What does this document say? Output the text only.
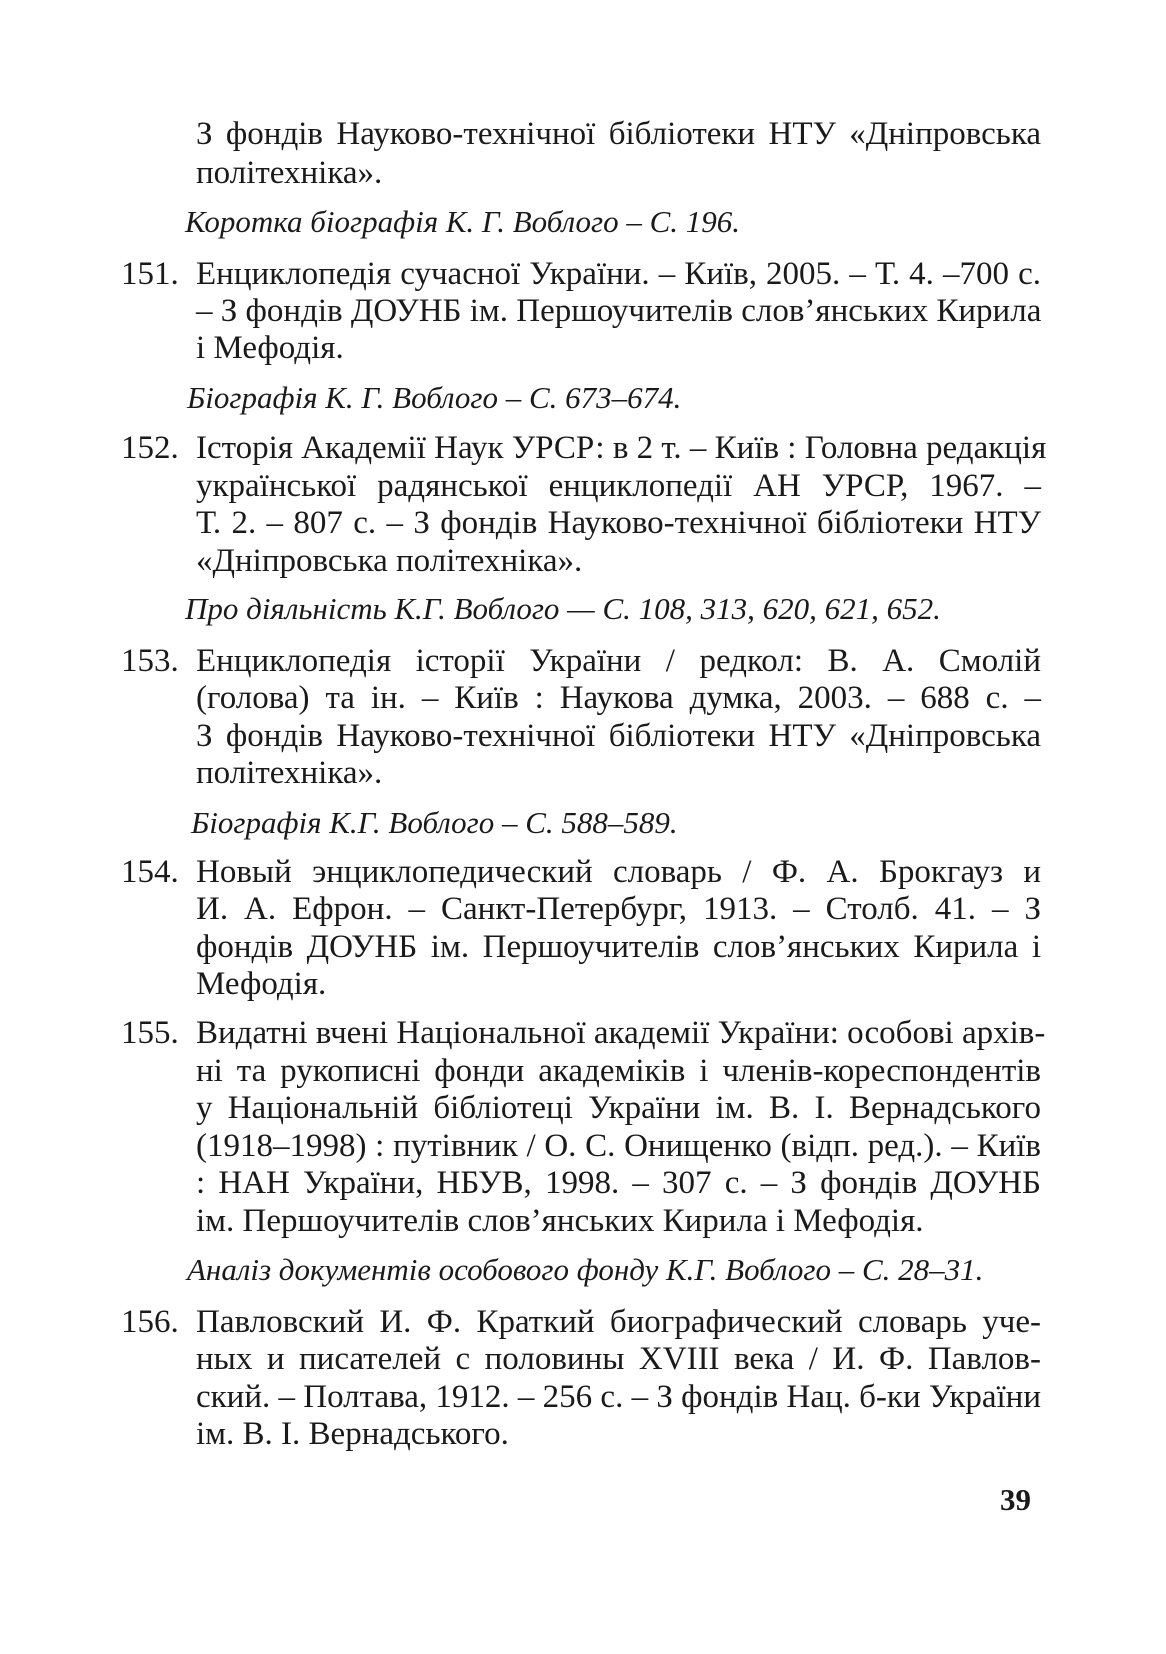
З фондів Науково-технічної бібліотеки НТУ «Дніпровська
політехніка».
Коротка біографія К. Г. Воблого – С. 196.
151. Енциклопедія сучасної України. – Київ, 2005. – Т. 4. –700 с.
– З фондів ДОУНБ ім. Першоучителів слов’янських Кирила
і Мефодія.
Біографія К. Г. Воблого – С. 673–674.
152. Історія Академії Наук УРСР: в 2 т. – Київ : Головна редакція
української радянської енциклопедії АН УРСР, 1967. –
Т. 2. – 807 с. – З фондів Науково-технічної бібліотеки НТУ
«Дніпровська політехніка».
Про діяльність К.Г. Воблого — С. 108, 313, 620, 621, 652.
153. Енциклопедія історії України / редкол: В. А. Смолій
(голова) та ін. – Київ : Наукова думка, 2003. – 688 с. –
З фондів Науково-технічної бібліотеки НТУ «Дніпровська
політехніка».
Біографія К.Г. Воблого – С. 588–589.
154. Новый энциклопедический словарь / Ф. А. Брокгауз и
И. А. Ефрон. – Санкт-Петербург, 1913. – Столб. 41. – З
фондів ДОУНБ ім. Першоучителів слов’янських Кирила і
Мефодія.
155. Видатні вчені Національної академії України: особові архів-
ні та рукописні фонди академіків і членів-кореспондентів
у Національній бібліотеці України ім. В. І. Вернадського
(1918–1998) : путівник / О. С. Онищенко (відп. ред.). – Київ
: НАН України, НБУВ, 1998. – 307 с. – З фондів ДОУНБ
ім. Першоучителів слов’янських Кирила і Мефодія.
Аналіз документів особового фонду К.Г. Воблого – С. 28–31.
156. Павловский И. Ф. Краткий биографический словарь уче-
ных и писателей с половины XVIII века / И. Ф. Павлов-
ский. – Полтава, 1912. – 256 с. – З фондів Нац. б-ки України
ім. В. І. Вернадського.
39
